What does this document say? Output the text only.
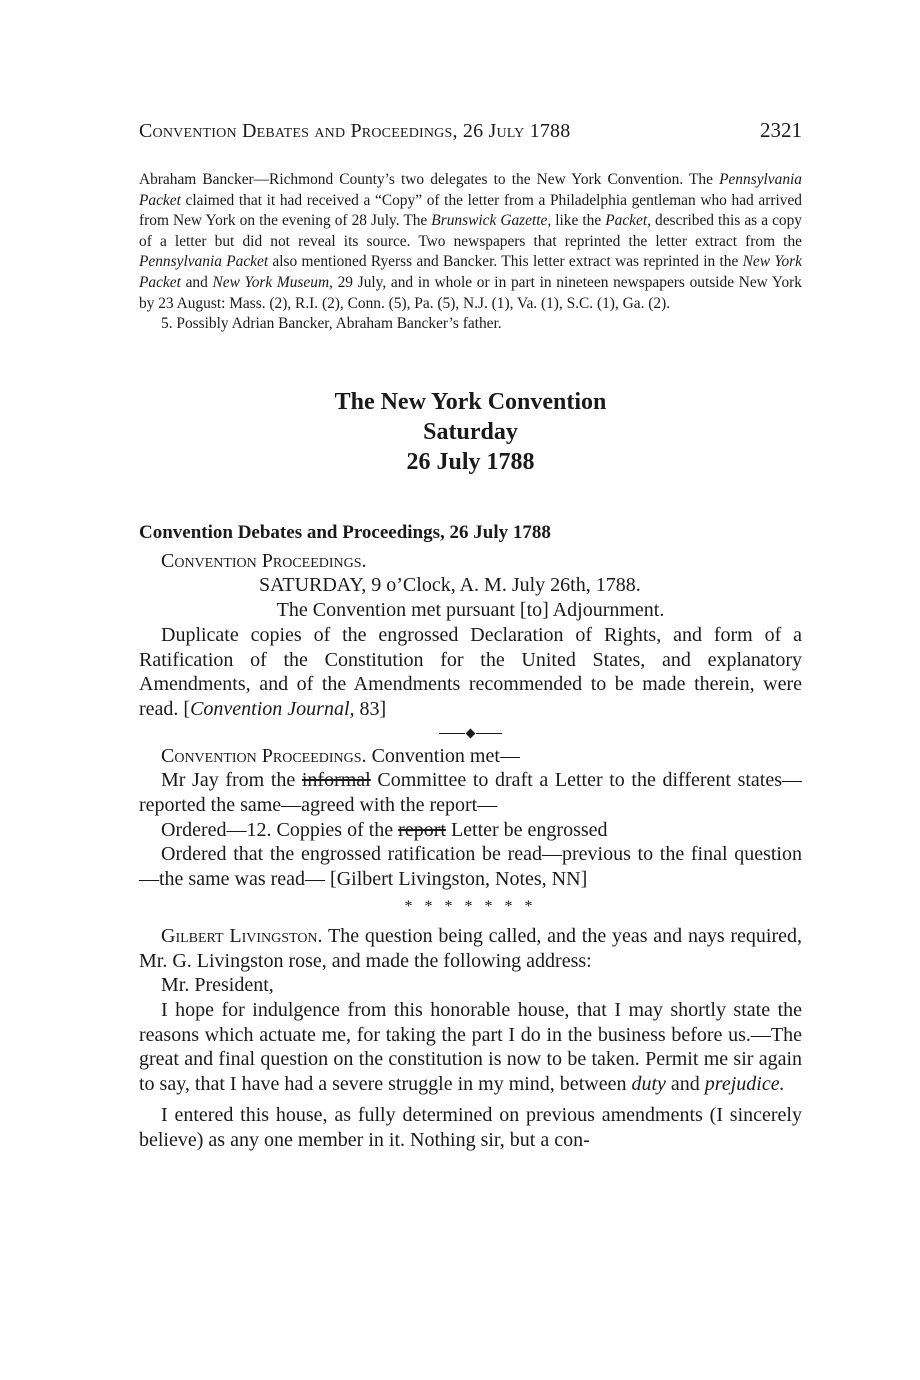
Convention Debates and Proceedings, 26 July 1788	2321

Abraham Bancker—Richmond County’s two delegates to the New York Convention. The Pennsylvania Packet claimed that it had received a “Copy” of the letter from a Philadelphia gentleman who had arrived from New York on the evening of 28 July. The Brunswick Gazette, like the Packet, described this as a copy of a letter but did not reveal its source. Two newspapers that reprinted the letter extract from the Pennsylvania Packet also mentioned Ryerss and Bancker. This letter extract was reprinted in the New York Packet and New York Museum, 29 July, and in whole or in part in nineteen newspapers outside New York by 23 August: Mass. (2), R.I. (2), Conn. (5), Pa. (5), N.J. (1), Va. (1), S.C. (1), Ga. (2).

5. Possibly Adrian Bancker, Abraham Bancker’s father.

The New York Convention
Saturday
26 July 1788
Convention Debates and Proceedings, 26 July 1788

Convention Proceedings.

SATURDAY, 9 o’Clock, A. M. July 26th, 1788.

The Convention met pursuant [to] Adjournment.

Duplicate copies of the engrossed Declaration of Rights, and form of a Ratification of the Constitution for the United States, and explanatory Amendments, and of the Amendments recommended to be made therein, were read. [Convention Journal, 83]

Convention Proceedings. Convention met—

Mr Jay from the informal Committee to draft a Letter to the different states—reported the same—agreed with the report—

Ordered—12. Coppies of the report Letter be engrossed

Ordered that the engrossed ratification be read—previous to the final question—the same was read— [Gilbert Livingston, Notes, NN]

* * * * * * *

Gilbert Livingston. The question being called, and the yeas and nays required, Mr. G. Livingston rose, and made the following address:

Mr. President,

I hope for indulgence from this honorable house, that I may shortly state the reasons which actuate me, for taking the part I do in the business before us.—The great and final question on the constitution is now to be taken. Permit me sir again to say, that I have had a severe struggle in my mind, between duty and prejudice.

I entered this house, as fully determined on previous amendments (I sincerely believe) as any one member in it. Nothing sir, but a con-
